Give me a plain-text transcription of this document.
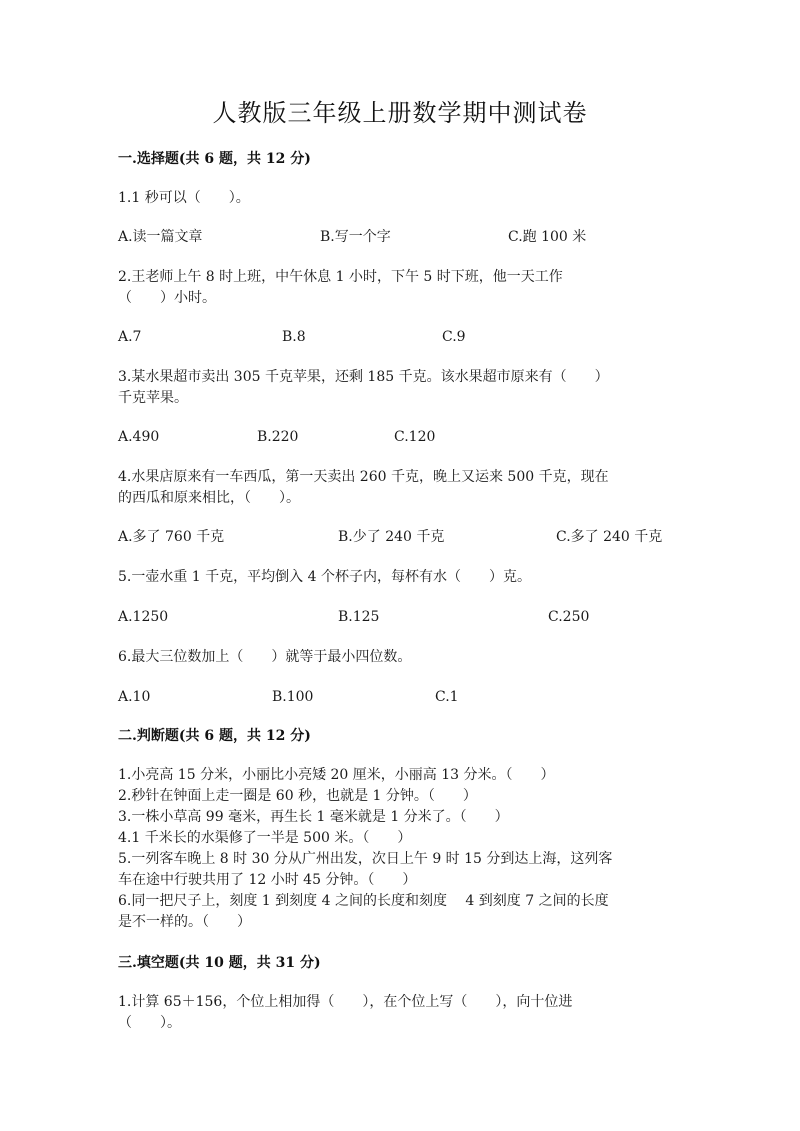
人教版三年级上册数学期中测试卷
一.选择题(共 6 题，共 12 分)
1.1 秒可以（　　）。
A.读一篇文章	B.写一个字	C.跑 100 米
2.王老师上午 8 时上班，中午休息 1 小时，下午 5 时下班，他一天工作
（　　）小时。
A.7	B.8	C.9
3.某水果超市卖出 305 千克苹果，还剩 185 千克。该水果超市原来有（　　）
千克苹果。
A.490	B.220	C.120
4.水果店原来有一车西瓜，第一天卖出 260 千克，晚上又运来 500 千克，现在
的西瓜和原来相比，（　　）。
A.多了 760 千克	B.少了 240 千克	C.多了 240 千克
5.一壶水重 1 千克，平均倒入 4 个杯子内，每杯有水（　　）克。
A.1250	B.125	C.250
6.最大三位数加上（　　）就等于最小四位数。
A.10	B.100	C.1
二.判断题(共 6 题，共 12 分)
1.小亮高 15 分米，小丽比小亮矮 20 厘米，小丽高 13 分米。（　　）
2.秒针在钟面上走一圈是 60 秒，也就是 1 分钟。（　　）
3.一株小草高 99 毫米，再生长 1 毫米就是 1 分米了。（　　）
4.1 千米长的水渠修了一半是 500 米。（　　）
5.一列客车晚上 8 时 30 分从广州出发，次日上午 9 时 15 分到达上海，这列客
车在途中行驶共用了 12 小时 45 分钟。（　　）
6.同一把尺子上，刻度 1 到刻度 4 之间的长度和刻度　 4 到刻度 7 之间的长度
是不一样的。（　　）
三.填空题(共 10 题，共 31 分)
1.计算 65＋156，个位上相加得（　　），在个位上写（　　），向十位进
（　　）。
